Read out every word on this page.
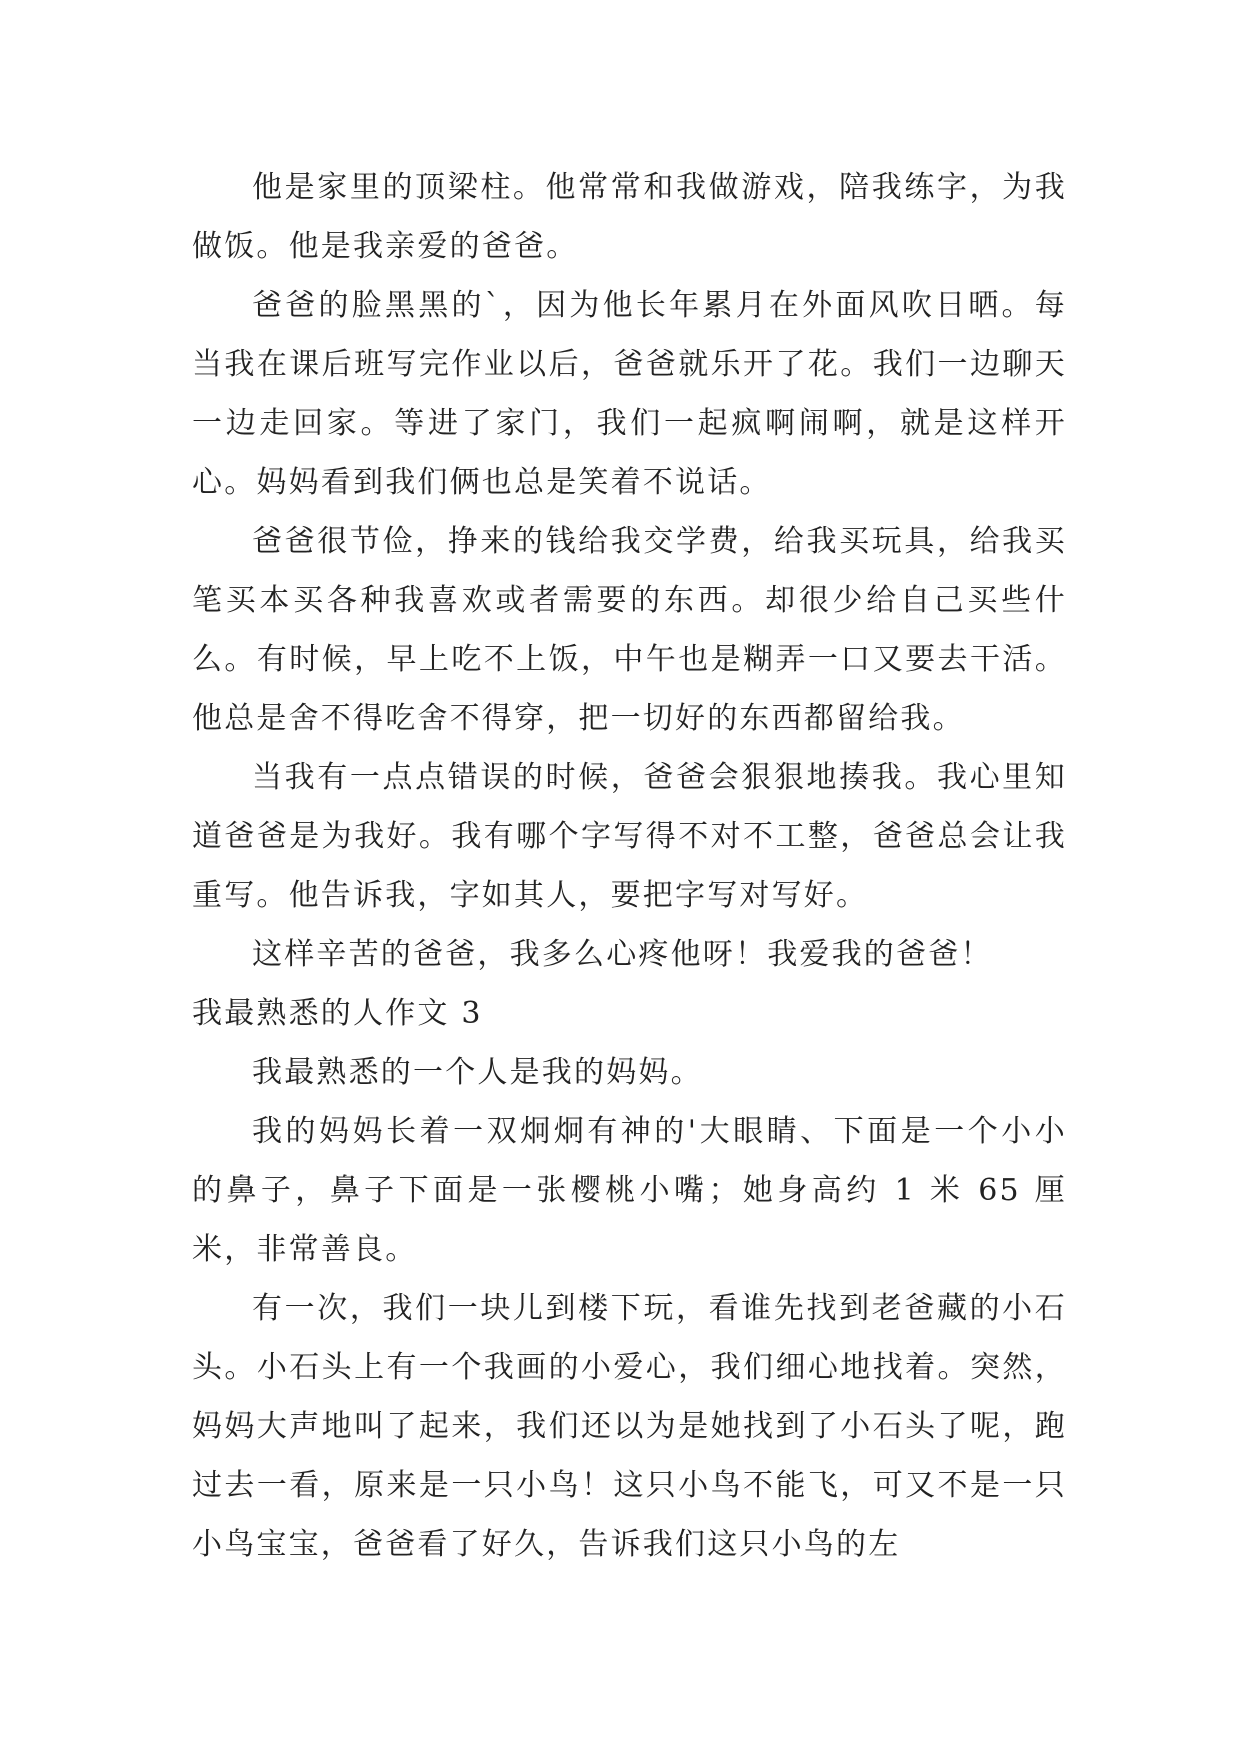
他是家里的顶梁柱。他常常和我做游戏，陪我练字，为我做饭。他是我亲爱的爸爸。

爸爸的脸黑黑的`，因为他长年累月在外面风吹日晒。每当我在课后班写完作业以后，爸爸就乐开了花。我们一边聊天一边走回家。等进了家门，我们一起疯啊闹啊，就是这样开心。妈妈看到我们俩也总是笑着不说话。

爸爸很节俭，挣来的钱给我交学费，给我买玩具，给我买笔买本买各种我喜欢或者需要的东西。却很少给自己买些什么。有时候，早上吃不上饭，中午也是糊弄一口又要去干活。他总是舍不得吃舍不得穿，把一切好的东西都留给我。

当我有一点点错误的时候，爸爸会狠狠地揍我。我心里知道爸爸是为我好。我有哪个字写得不对不工整，爸爸总会让我重写。他告诉我，字如其人，要把字写对写好。

这样辛苦的爸爸，我多么心疼他呀！我爱我的爸爸！

我最熟悉的人作文 3

我最熟悉的一个人是我的妈妈。

我的妈妈长着一双炯炯有神的'大眼睛、下面是一个小小的鼻子，鼻子下面是一张樱桃小嘴；她身高约 1 米 65 厘米，非常善良。

有一次，我们一块儿到楼下玩，看谁先找到老爸藏的小石头。小石头上有一个我画的小爱心，我们细心地找着。突然，妈妈大声地叫了起来，我们还以为是她找到了小石头了呢，跑过去一看，原来是一只小鸟！这只小鸟不能飞，可又不是一只小鸟宝宝，爸爸看了好久，告诉我们这只小鸟的左
